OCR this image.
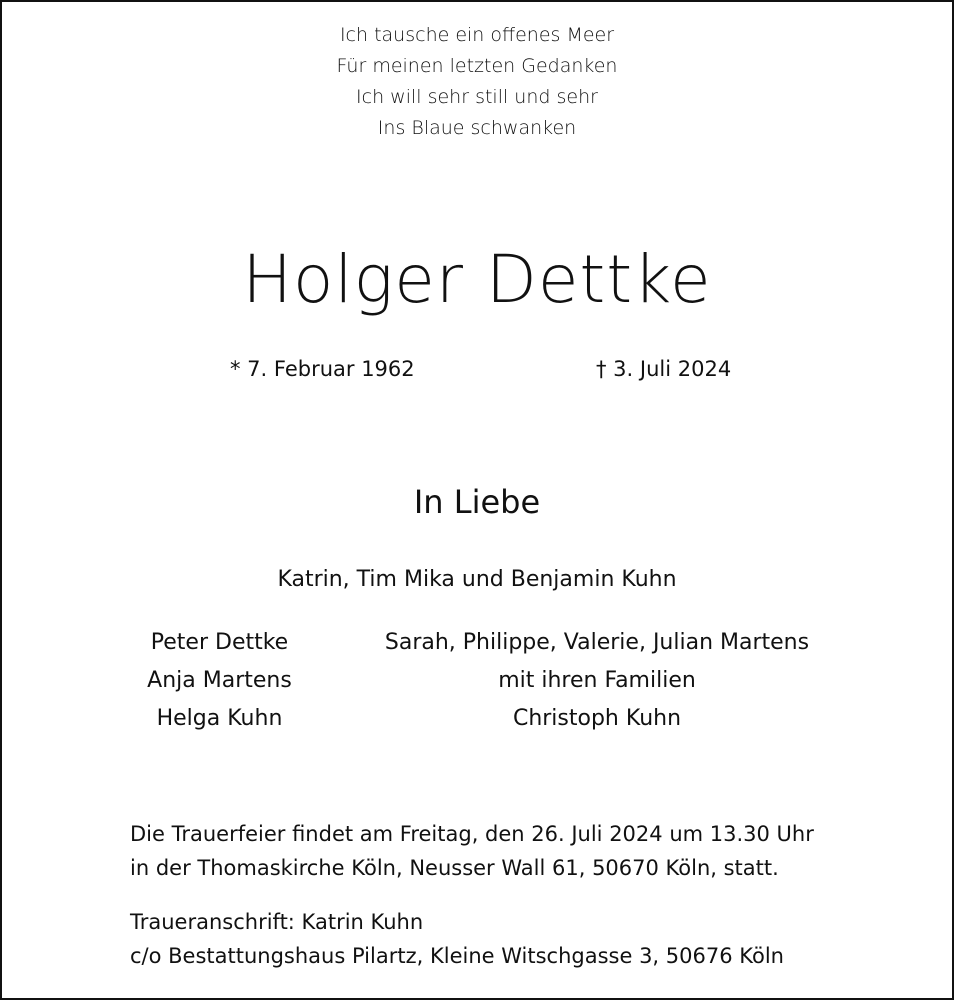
Ich tausche ein offenes Meer
Für meinen letzten Gedanken
Ich will sehr still und sehr
Ins Blaue schwanken
Holger Dettke
* 7. Februar 1962	† 3. Juli 2024
In Liebe
Katrin, Tim Mika und Benjamin Kuhn
Peter Dettke
Anja Martens
Helga Kuhn
Sarah, Philippe, Valerie, Julian Martens
mit ihren Familien
Christoph Kuhn
Die Trauerfeier findet am Freitag, den 26. Juli 2024 um 13.30 Uhr
in der Thomaskirche Köln, Neusser Wall 61, 50670 Köln, statt.
Traueranschrift: Katrin Kuhn
c/o Bestattungshaus Pilartz, Kleine Witschgasse 3, 50676 Köln
